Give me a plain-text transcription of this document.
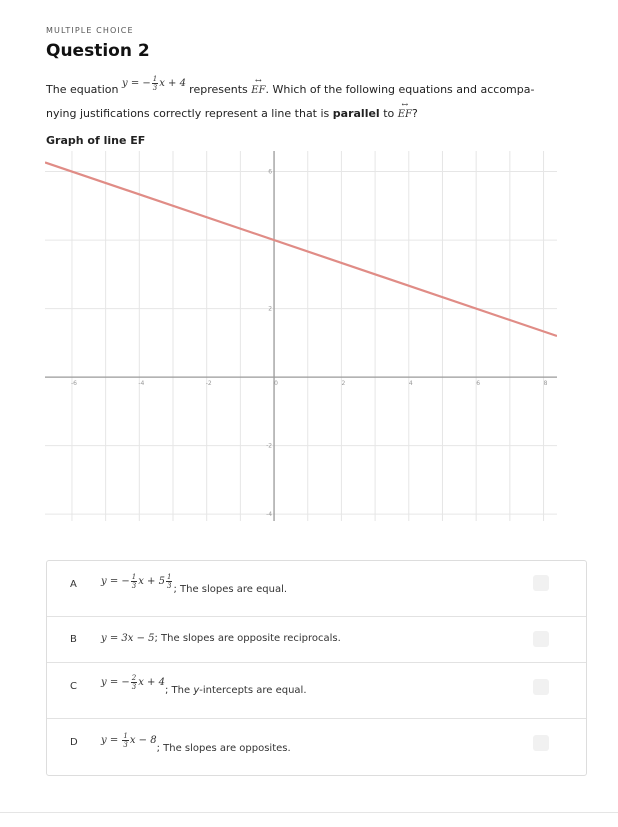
MULTIPLE CHOICE
Question 2
The equation y = − $\frac{1}{3}$ x + 4 represents
↔
EF. Which of the following equations and accompa-
nying justifications correctly represent a line that is parallel to
↔
EF?
Graph of line EF
-6	-4	-2	0	2	4	6	8
-4
-2
2
6
A y = − $\frac{1}{3}$ $x + 5 \frac{1}{3}$ ; The slopes are equal.
B y = 3x − 5; The slopes are opposite reciprocals.
C y = − $\frac{2}{3}$ x + 4; The y-intercepts are equal.
D $y = \frac{1}{3}$ x − 8; The slopes are opposites.
